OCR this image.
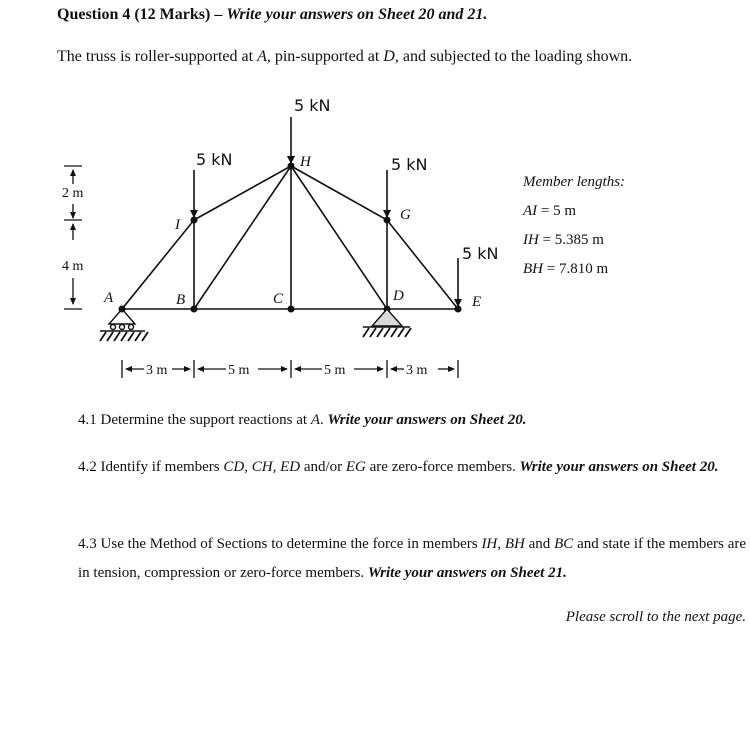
Question 4 (12 Marks) – Write your answers on Sheet 20 and 21.
The truss is roller-supported at A, pin-supported at D, and subjected to the loading shown.
5 kN
5 kN	5 kN
5 kN
H
I
G
A	B	C	D	E
2 m
4 m
3 m	5 m	5 m	3 m
Member lengths:
AI = 5 m
IH = 5.385 m
BH = 7.810 m
4.1 Determine the support reactions at A. Write your answers on Sheet 20.
4.2 Identify if members CD, CH, ED and/or EG are zero-force members. Write your answers on Sheet 20.
4.3 Use the Method of Sections to determine the force in members IH, BH and BC and state if the members are in tension, compression or zero-force members. Write your answers on Sheet 21.
Please scroll to the next page.
